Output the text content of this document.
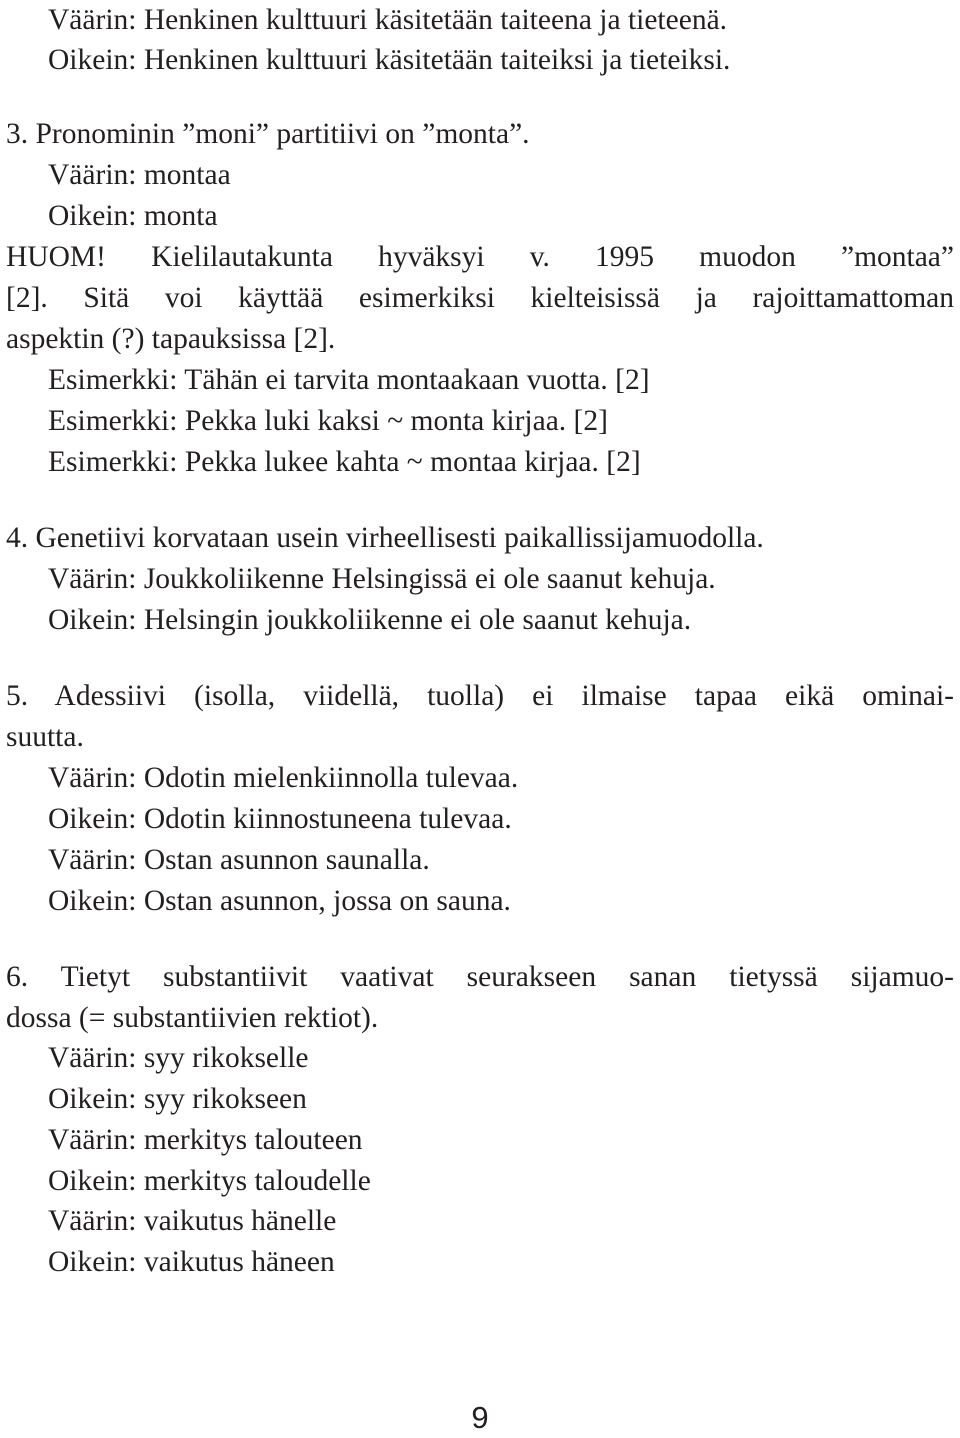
Väärin: Henkinen kulttuuri käsitetään taiteena ja tieteenä.
Oikein: Henkinen kulttuuri käsitetään taiteiksi ja tieteiksi.
3. Pronominin ”moni” partitiivi on ”monta”.
Väärin: montaa
Oikein: monta
HUOM! Kielilautakunta hyväksyi v. 1995 muodon ”montaa”
[2]. Sitä voi käyttää esimerkiksi kielteisissä ja rajoittamattoman
aspektin (?) tapauksissa [2].
Esimerkki: Tähän ei tarvita montaakaan vuotta. [2]
Esimerkki: Pekka luki kaksi ~ monta kirjaa. [2]
Esimerkki: Pekka lukee kahta ~ montaa kirjaa. [2]
4. Genetiivi korvataan usein virheellisesti paikallissijamuodolla.
Väärin: Joukkoliikenne Helsingissä ei ole saanut kehuja.
Oikein: Helsingin joukkoliikenne ei ole saanut kehuja.
5. Adessiivi (isolla, viidellä, tuolla) ei ilmaise tapaa eikä ominai-
suutta.
Väärin: Odotin mielenkiinnolla tulevaa.
Oikein: Odotin kiinnostuneena tulevaa.
Väärin: Ostan asunnon saunalla.
Oikein: Ostan asunnon, jossa on sauna.
6. Tietyt substantiivit vaativat seurakseen sanan tietyssä sijamuo-
dossa (= substantiivien rektiot).
Väärin: syy rikokselle
Oikein: syy rikokseen
Väärin: merkitys talouteen
Oikein: merkitys taloudelle
Väärin: vaikutus hänelle
Oikein: vaikutus häneen
9
